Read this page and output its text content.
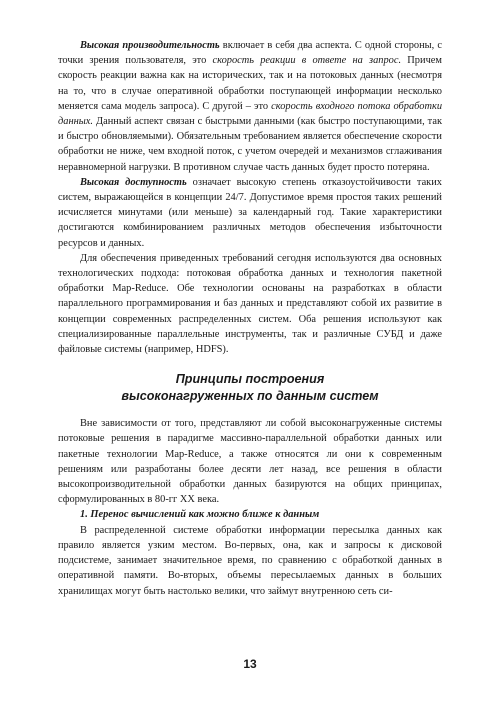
Высокая производительность включает в себя два аспекта. С одной стороны, с точки зрения пользователя, это скорость реакции в ответе на запрос. Причем скорость реакции важна как на исторических, так и на потоковых данных (несмотря на то, что в случае оперативной обработки поступающей информации несколько меняется сама модель запроса). С другой – это скорость входного потока обработки данных. Данный аспект связан с быстрыми данными (как быстро поступающими, так и быстро обновляемыми). Обязательным требованием является обеспечение скорости обработки не ниже, чем входной поток, с учетом очередей и механизмов сглаживания неравномерной нагрузки. В противном случае часть данных будет просто потеряна.

Высокая доступность означает высокую степень отказоустойчивости таких систем, выражающейся в концепции 24/7. Допустимое время простоя таких решений исчисляется минутами (или меньше) за календарный год. Такие характеристики достигаются комбинированием различных методов обеспечения избыточности ресурсов и данных.

Для обеспечения приведенных требований сегодня используются два основных технологических подхода: потоковая обработка данных и технология пакетной обработки Map-Reduce. Обе технологии основаны на разработках в области параллельного программирования и баз данных и представляют собой их развитие в концепции современных распределенных систем. Оба решения используют как специализированные параллельные инструменты, так и различные СУБД и даже файловые системы (например, HDFS).

Принципы построения
высоконагруженных по данным систем

Вне зависимости от того, представляют ли собой высоконагруженные системы потоковые решения в парадигме массивно-параллельной обработки данных или пакетные технологии Map-Reduce, а также относятся ли они к современным решениям или разработаны более десяти лет назад, все решения в области высокопроизводительной обработки данных базируются на общих принципах, сформулированных в 80-гг XX века.

1. Перенос вычислений как можно ближе к данным

В распределенной системе обработки информации пересылка данных как правило является узким местом. Во-первых, она, как и запросы к дисковой подсистеме, занимает значительное время, по сравнению с обработкой данных в оперативной памяти. Во-вторых, объемы пересылаемых данных в больших хранилищах могут быть настолько велики, что займут внутренною сеть си-

13
